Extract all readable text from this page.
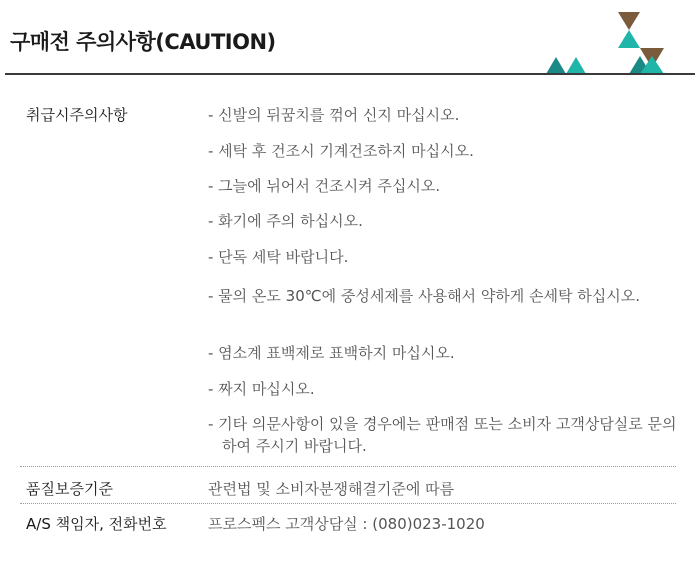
구매전 주의사항(CAUTION)
취급시주의사항	- 신발의 뒤꿈치를 꺾어 신지 마십시오.
- 세탁 후 건조시 기계건조하지 마십시오.
- 그늘에 뉘어서 건조시켜 주십시오.
- 화기에 주의 하십시오.
- 단독 세탁 바랍니다.
- 물의 온도 30℃에 중성세제를 사용해서 약하게 손세탁 하십시오.
- 염소계 표백제로 표백하지 마십시오.
- 짜지 마십시오.
- 기타 의문사항이 있을 경우에는 판매점 또는 소비자 고객상담실로 문의하여 주시기 바랍니다.
품질보증기준	관련법 및 소비자분쟁해결기준에 따름
A/S 책임자, 전화번호	프로스펙스 고객상담실 : (080)023-1020
